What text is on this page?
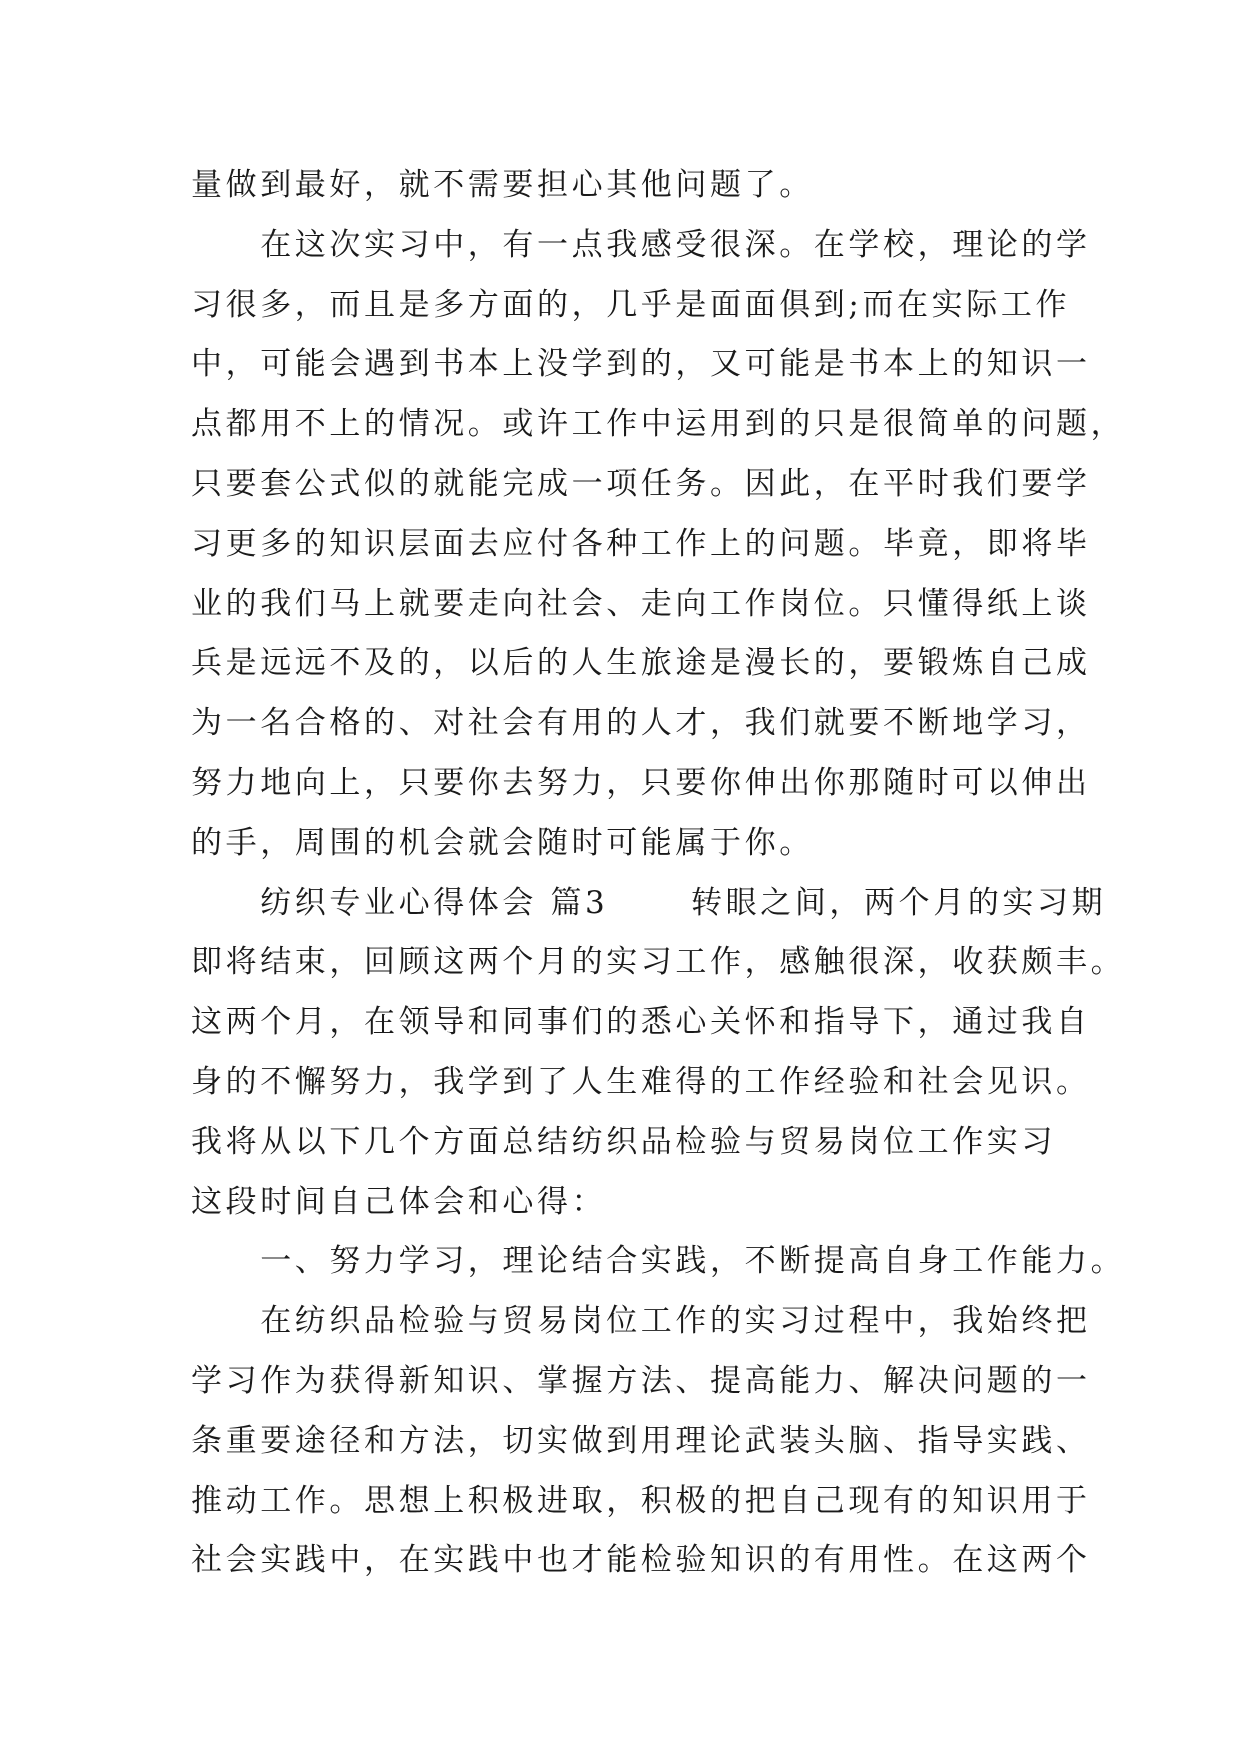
量做到最好，就不需要担心其他问题了。
　　在这次实习中，有一点我感受很深。在学校，理论的学
习很多，而且是多方面的，几乎是面面俱到;而在实际工作
中，可能会遇到书本上没学到的，又可能是书本上的知识一
点都用不上的情况。或许工作中运用到的只是很简单的问题，
只要套公式似的就能完成一项任务。因此，在平时我们要学
习更多的知识层面去应付各种工作上的问题。毕竟，即将毕
业的我们马上就要走向社会、走向工作岗位。只懂得纸上谈
兵是远远不及的，以后的人生旅途是漫长的，要锻炼自己成
为一名合格的、对社会有用的人才，我们就要不断地学习，
努力地向上，只要你去努力，只要你伸出你那随时可以伸出
的手，周围的机会就会随时可能属于你。
　　纺织专业心得体会 篇3　　 转眼之间，两个月的实习期
即将结束，回顾这两个月的实习工作，感触很深，收获颇丰。
这两个月，在领导和同事们的悉心关怀和指导下，通过我自
身的不懈努力，我学到了人生难得的工作经验和社会见识。
我将从以下几个方面总结纺织品检验与贸易岗位工作实习
这段时间自己体会和心得：
　　一、努力学习，理论结合实践，不断提高自身工作能力。
　　在纺织品检验与贸易岗位工作的实习过程中，我始终把
学习作为获得新知识、掌握方法、提高能力、解决问题的一
条重要途径和方法，切实做到用理论武装头脑、指导实践、
推动工作。思想上积极进取，积极的把自己现有的知识用于
社会实践中，在实践中也才能检验知识的有用性。在这两个
